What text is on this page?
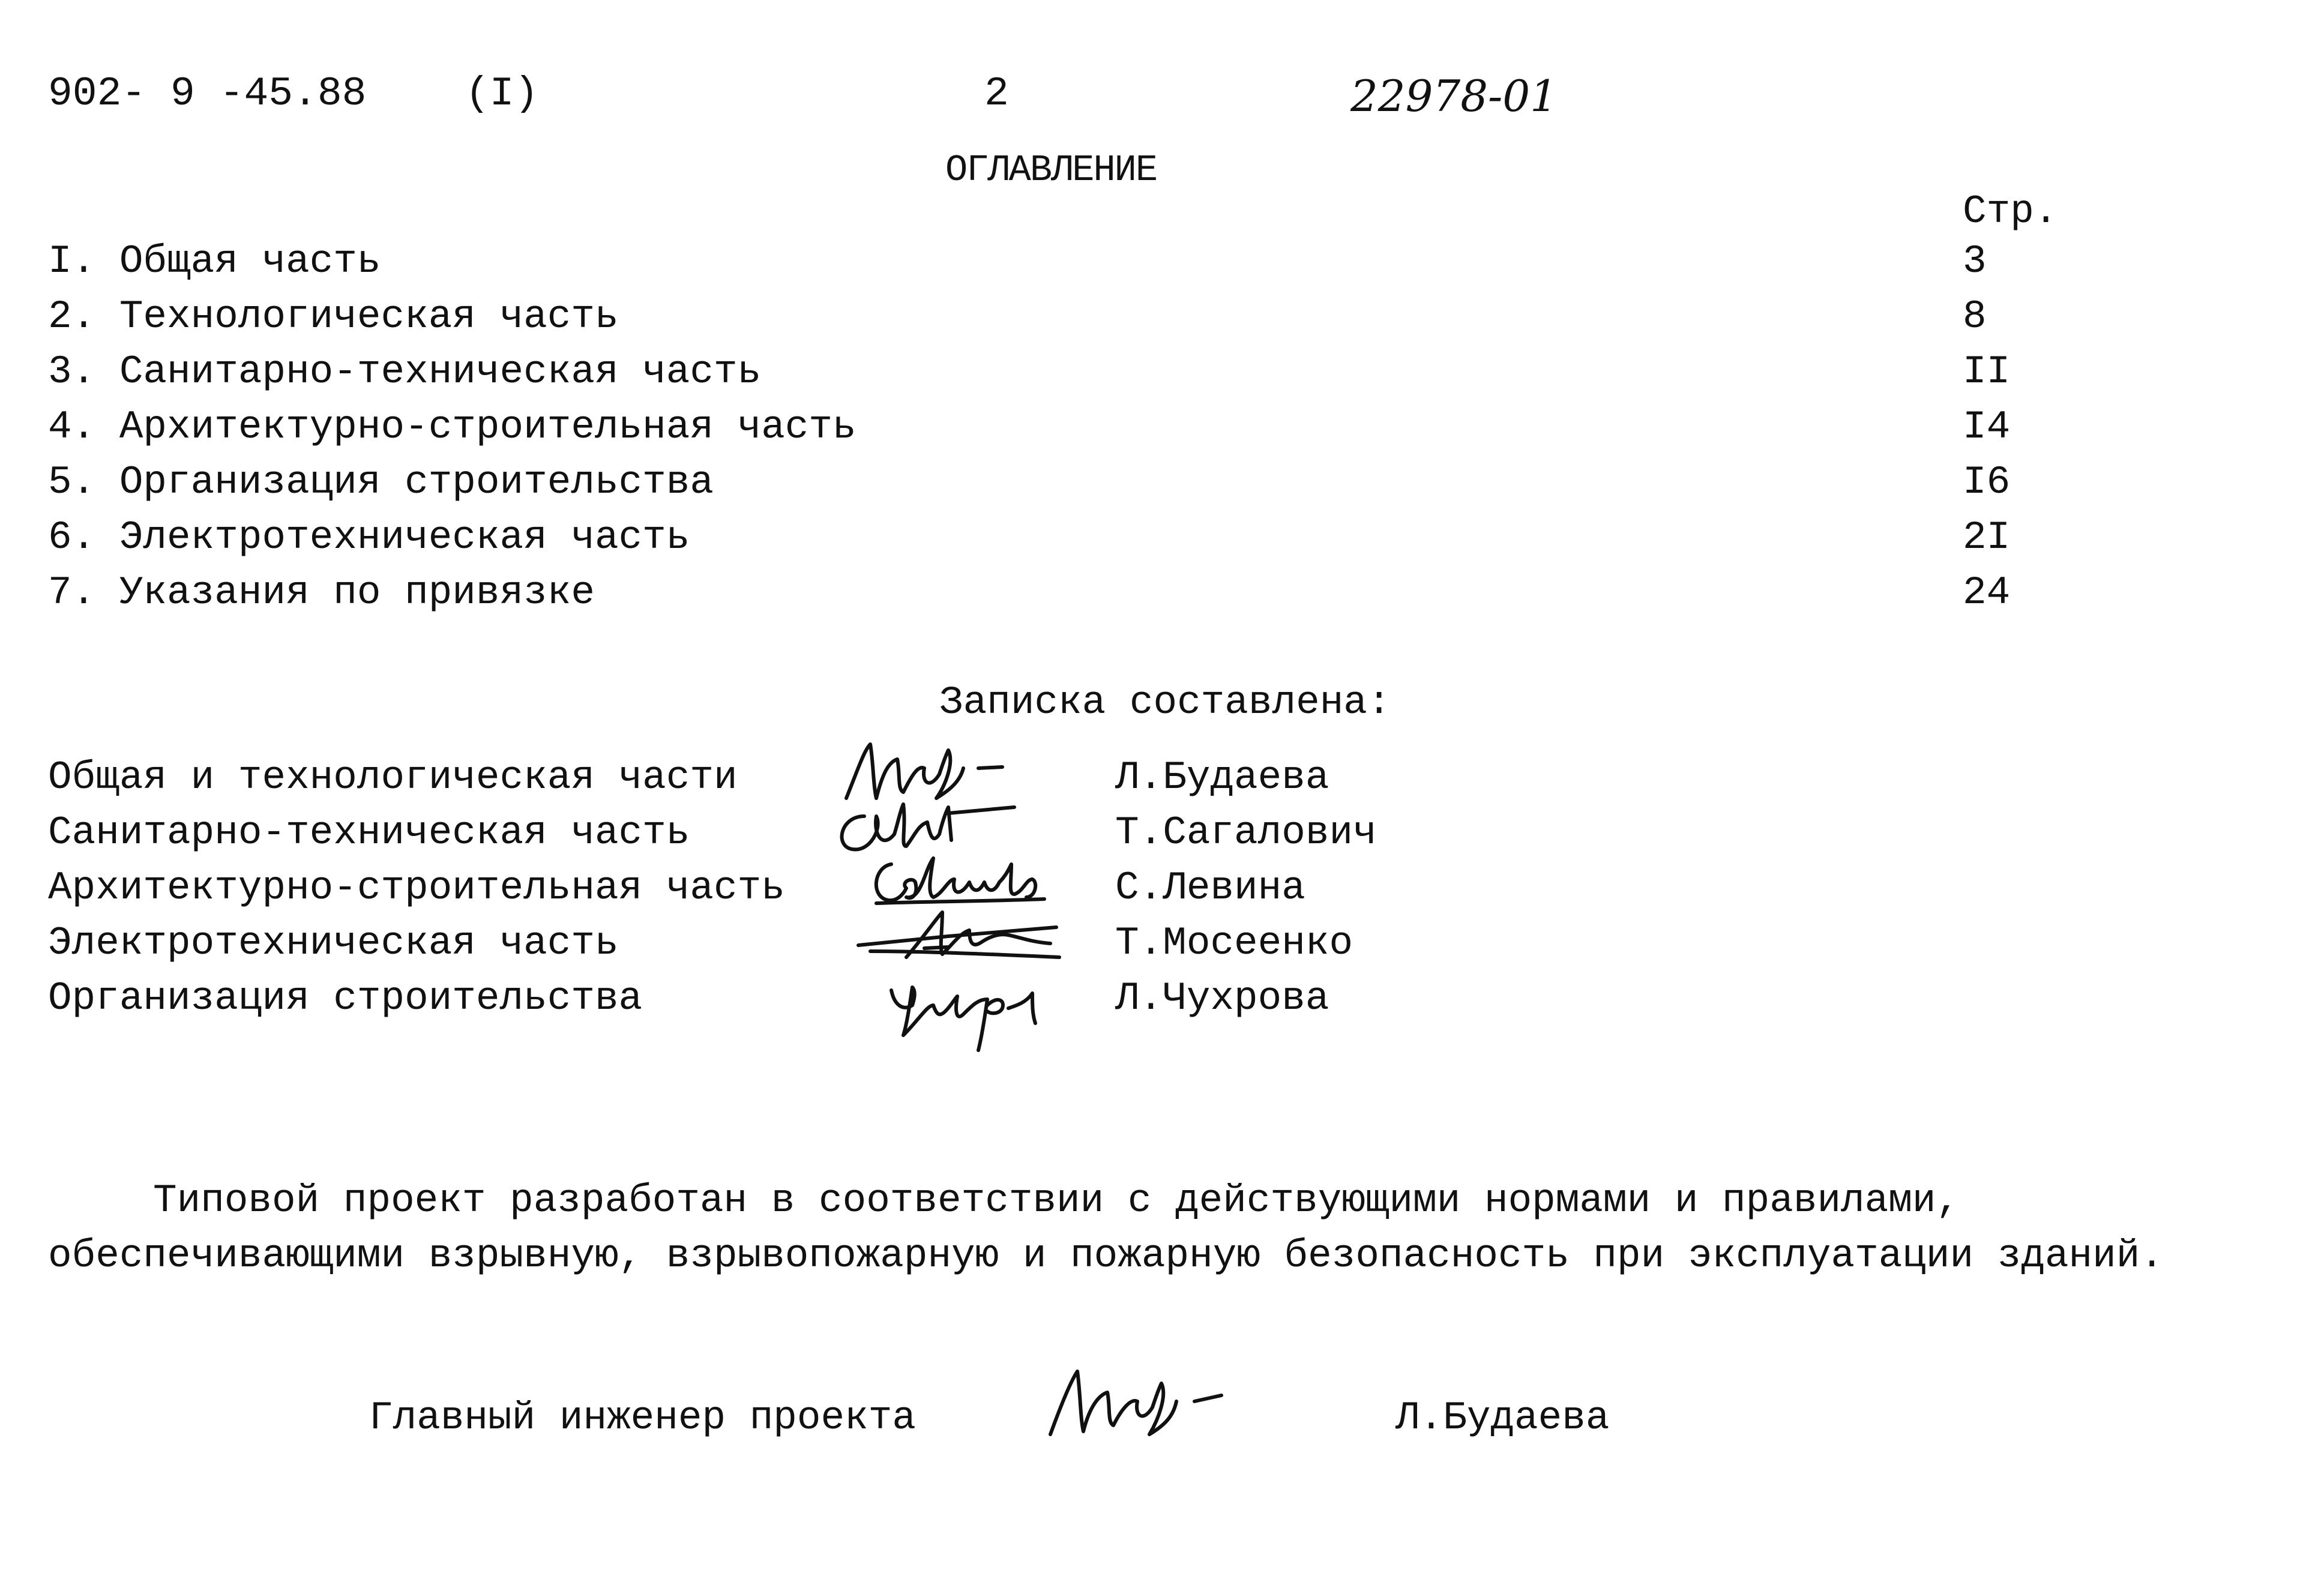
902- 9 -45.88 (I)	2	22978-01
ОГЛАВЛЕНИЕ
Стр.
I. Общая часть	3
2. Технологическая часть	8
3. Санитарно-техническая часть	II
4. Архитектурно-строительная часть	I4
5. Организация строительства	I6
6. Электротехническая часть	2I
7. Указания по привязке	24
Записка составлена:
Общая и технологическая части	Л.Будаева
Санитарно-техническая часть	Т.Сагалович
Архитектурно-строительная часть	С.Левина
Электротехническая часть	Т.Мосеенко
Организация строительства	Л.Чухрова
Типовой проект разработан в соответствии с действующими нормами и правилами, обеспечивающими взрывную, взрывопожарную и пожарную безопасность при эксплуатации зданий.
Главный инженер проекта	Л.Будаева
